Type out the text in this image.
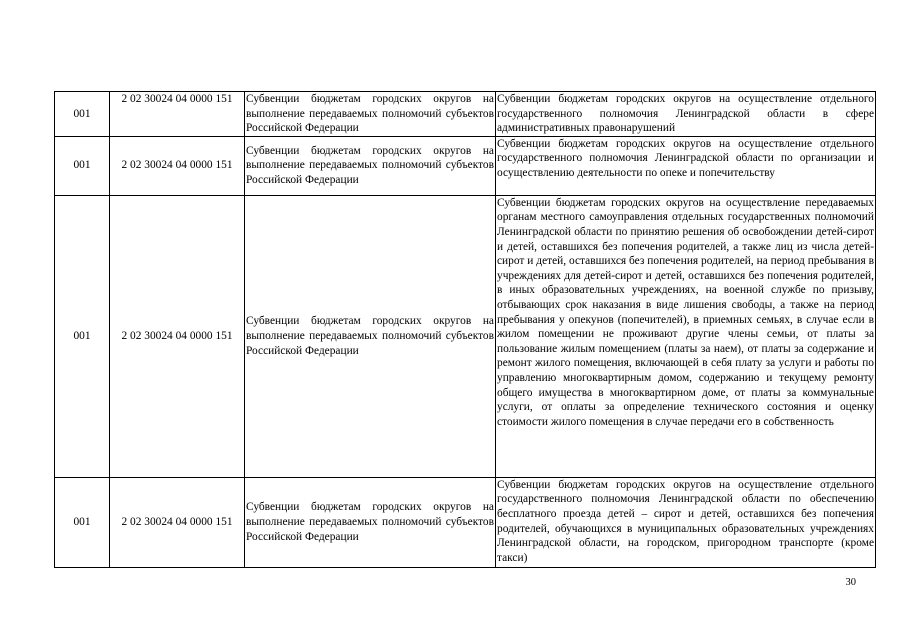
001	2 02 30024 04 0000 151	Субвенции бюджетам городских округов на выполнение передаваемых полномочий субъектов Российской Федерации	Субвенции бюджетам городских округов на осуществление отдельного государственного полномочия Ленинградской области в сфере административных правонарушений
001	2 02 30024 04 0000 151	Субвенции бюджетам городских округов на выполнение передаваемых полномочий субъектов Российской Федерации	Субвенции бюджетам городских округов на осуществление отдельного государственного полномочия Ленинградской области по организации и осуществлению деятельности по опеке и попечительству
001	2 02 30024 04 0000 151	Субвенции бюджетам городских округов на выполнение передаваемых полномочий субъектов Российской Федерации	Субвенции бюджетам городских округов на осуществление передаваемых органам местного самоуправления отдельных государственных полномочий Ленинградской области по принятию решения об освобождении детей-сирот и детей, оставшихся без попечения родителей, а также лиц из числа детей-сирот и детей, оставшихся без попечения родителей, на период пребывания в учреждениях для детей-сирот и детей, оставшихся без попечения родителей, в иных образовательных учреждениях, на военной службе по призыву, отбывающих срок наказания в виде лишения свободы, а также на период пребывания у опекунов (попечителей), в приемных семьях, в случае если в жилом помещении не проживают другие члены семьи, от платы за пользование жилым помещением (платы за наем), от платы за содержание и ремонт жилого помещения, включающей в себя плату за услуги и работы по управлению многоквартирным домом, содержанию и текущему ремонту общего имущества в многоквартирном доме, от платы за коммунальные услуги, от оплаты за определение технического состояния и оценку стоимости жилого помещения в случае передачи его в собственность
001	2 02 30024 04 0000 151	Субвенции бюджетам городских округов на выполнение передаваемых полномочий субъектов Российской Федерации	Субвенции бюджетам городских округов на осуществление отдельного государственного полномочия Ленинградской области по обеспечению бесплатного проезда детей – сирот и детей, оставшихся без попечения родителей, обучающихся в муниципальных образовательных учреждениях Ленинградской области, на городском, пригородном транспорте (кроме такси)
30
